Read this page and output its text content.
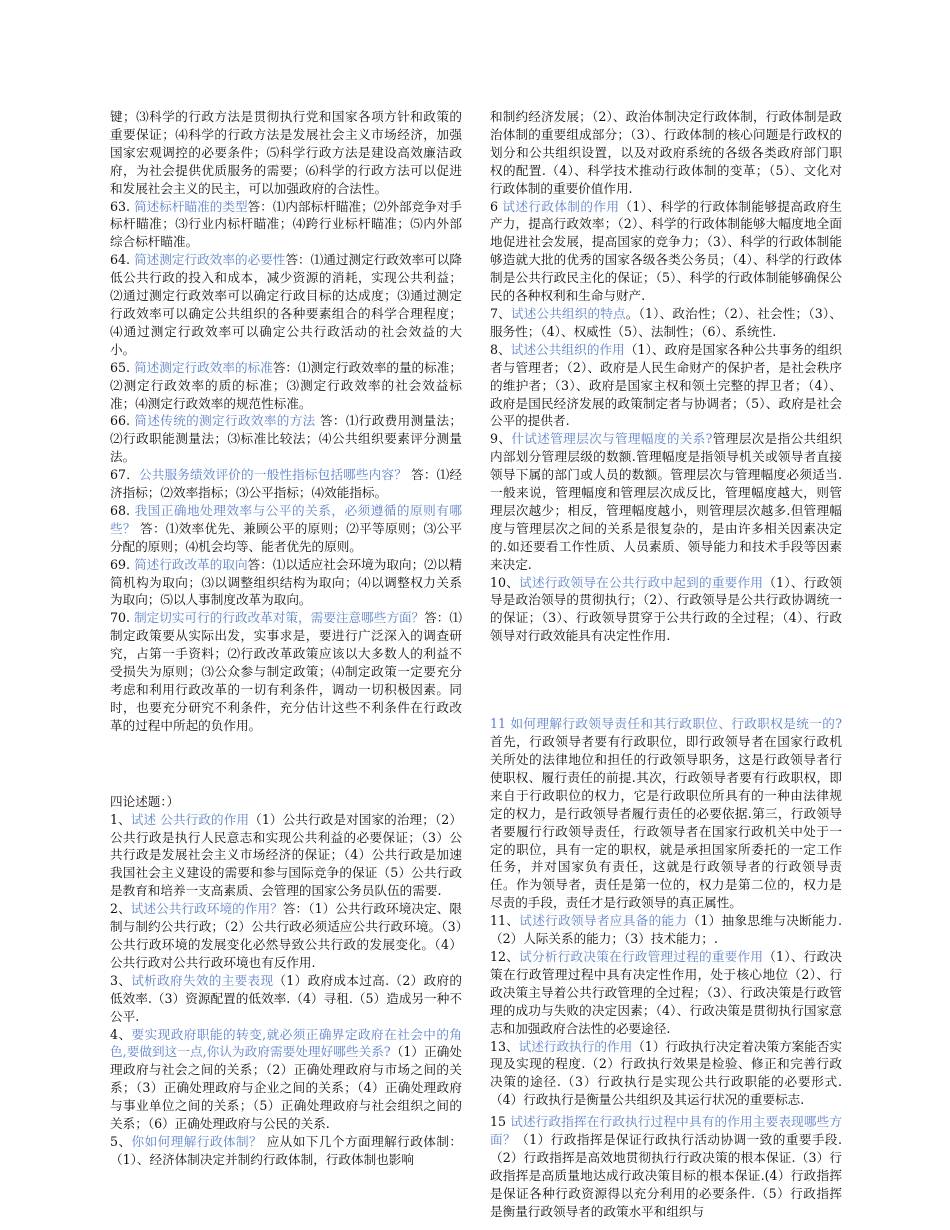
键；⑶科学的行政方法是贯彻执行党和国家各项方针和政策的重要保证；⑷科学的行政方法是发展社会主义市场经济，加强国家宏观调控的必要条件；⑸科学行政方法是建设高效廉洁政府，为社会提供优质服务的需要；⑹科学的行政方法可以促进和发展社会主义的民主，可以加强政府的合法性。

63. 简述标杆瞄准的类型答：⑴内部标杆瞄准；⑵外部竞争对手标杆瞄准；⑶行业内标杆瞄准；⑷跨行业标杆瞄准；⑸内外部综合标杆瞄准。

64. 简述测定行政效率的必要性答：⑴通过测定行政效率可以降低公共行政的投入和成本，减少资源的消耗，实现公共利益；⑵通过测定行政效率可以确定行政目标的达成度；⑶通过测定行政效率可以确定公共组织的各种要素组合的科学合理程度；⑷通过测定行政效率可以确定公共行政活动的社会效益的大小。

65. 简述测定行政效率的标准答：⑴测定行政效率的量的标准；⑵测定行政效率的质的标准；⑶测定行政效率的社会效益标准；⑷测定行政效率的规范性标准。

66. 简述传统的测定行政效率的方法 答：⑴行政费用测量法；⑵行政职能测量法；⑶标准比较法；⑷公共组织要素评分测量法。

67．公共服务绩效评价的一般性指标包括哪些内容？ 答：⑴经济指标；⑵效率指标；⑶公平指标；⑷效能指标。

68. 我国正确地处理效率与公平的关系，必须遵循的原则有哪些？ 答：⑴效率优先、兼顾公平的原则；⑵平等原则；⑶公平分配的原则；⑷机会均等、能者优先的原则。

69. 简述行政改革的取向答：⑴以适应社会环境为取向；⑵以精简机构为取向；⑶以调整组织结构为取向；⑷以调整权力关系为取向；⑸以人事制度改革为取向。

70. 制定切实可行的行政改革对策，需要注意哪些方面？答：⑴制定政策要从实际出发，实事求是，要进行广泛深入的调查研究，占第一手资料；⑵行政改革政策应该以大多数人的利益不受损失为原则；⑶公众参与制定政策；⑷制定政策一定要充分考虑和利用行政改革的一切有利条件，调动一切积极因素。同时，也要充分研究不利条件，充分估计这些不利条件在行政改革的过程中所起的负作用。

四论述题：）

1、试述 公共行政的作用（1）公共行政是对国家的治理；（2）公共行政是执行人民意志和实现公共利益的必要保证；（3）公共行政是发展社会主义市场经济的保证；（4）公共行政是加速我国社会主义建设的需要和参与国际竞争的保证（5）公共行政是教育和培养一支高素质、会管理的国家公务员队伍的需要.

2、试述公共行政环境的作用？答：（1）公共行政环境决定、限制与制约公共行政；（2）公共行政必须适应公共行政环境。（3）公共行政环境的发展变化必然导致公共行政的发展变化。（4）公共行政对公共行政环境也有反作用.

3、试析政府失效的主要表现（1）政府成本过高.（2）政府的低效率.（3）资源配置的低效率.（4）寻租.（5）造成另一种不公平.

4、要实现政府职能的转变,就必须正确界定政府在社会中的角色,要做到这一点,你认为政府需要处理好哪些关系?（1）正确处理政府与社会之间的关系；（2）正确处理政府与市场之间的关系；（3）正确处理政府与企业之间的关系；（4）正确处理政府与事业单位之间的关系；（5）正确处理政府与社会组织之间的关系；（6）正确处理政府与公民的关系.

5、你如何理解行政体制？ 应从如下几个方面理解行政体制：（1）、经济体制决定并制约行政体制，行政体制也影响

和制约经济发展；（2）、政治体制决定行政体制，行政体制是政治体制的重要组成部分；（3）、行政体制的核心问题是行政权的划分和公共组织设置，以及对政府系统的各级各类政府部门职权的配置.（4）、科学技术推动行政体制的变革；（5）、文化对行政体制的重要价值作用.

6 试述行政体制的作用（1）、科学的行政体制能够提高政府生产力，提高行政效率；（2）、科学的行政体制能够大幅度地全面地促进社会发展，提高国家的竞争力；（3）、科学的行政体制能够造就大批的优秀的国家各级各类公务员；（4）、科学的行政体制是公共行政民主化的保证；（5）、科学的行政体制能够确保公民的各种权利和生命与财产.

7、试述公共组织的特点。（1）、政治性；（2）、社会性；（3）、服务性；（4）、权威性（5）、法制性；（6）、系统性.

8、试述公共组织的作用（1）、政府是国家各种公共事务的组织者与管理者；（2）、政府是人民生命财产的保护者，是社会秩序的维护者；（3）、政府是国家主权和领土完整的捍卫者；（4）、政府是国民经济发展的政策制定者与协调者；（5）、政府是社会公平的提供者.

9、什试述管理层次与管理幅度的关系?管理层次是指公共组织内部划分管理层级的数额.管理幅度是指领导机关或领导者直接领导下属的部门或人员的数额。管理层次与管理幅度必须适当.一般来说，管理幅度和管理层次成反比，管理幅度越大，则管理层次越少；相反，管理幅度越小，则管理层次越多.但管理幅度与管理层次之间的关系是很复杂的，是由许多相关因素决定的.如还要看工作性质、人员素质、领导能力和技术手段等因素来决定.

10、试述行政领导在公共行政中起到的重要作用（1）、行政领导是政治领导的贯彻执行；（2）、行政领导是公共行政协调统一的保证；（3）、行政领导贯穿于公共行政的全过程；（4）、行政领导对行政效能具有决定性作用.

11 如何理解行政领导责任和其行政职位、行政职权是统一的? 首先，行政领导者要有行政职位，即行政领导者在国家行政机关所处的法律地位和担任的行政领导职务，这是行政领导者行使职权、履行责任的前提.其次，行政领导者要有行政职权，即来自于行政职位的权力，它是行政职位所具有的一种由法律规定的权力，是行政领导者履行责任的必要依据.第三，行政领导者要履行行政领导责任，行政领导者在国家行政机关中处于一定的职位，具有一定的职权，就是承担国家所委托的一定工作任务，并对国家负有责任，这就是行政领导者的行政领导责任。作为领导者，责任是第一位的，权力是第二位的，权力是尽责的手段，责任才是行政领导的真正属性。

11、试述行政领导者应具备的能力（1）抽象思维与决断能力.（2）人际关系的能力；（3）技术能力；.

12、试分析行政决策在行政管理过程的重要作用（1）、行政决策在行政管理过程中具有决定性作用，处于核心地位（2）、行政决策主导着公共行政管理的全过程；（3）、行政决策是行政管理的成功与失败的决定因素；（4）、行政决策是贯彻执行国家意志和加强政府合法性的必要途径.

13、试述行政执行的作用（1）行政执行决定着决策方案能否实现及实现的程度.（2）行政执行效果是检验、修正和完善行政决策的途径.（3）行政执行是实现公共行政职能的必要形式.（4）行政执行是衡量公共组织及其运行状况的重要标志.

15 试述行政指挥在行政执行过程中具有的作用主要表现哪些方面？（1）行政指挥是保证行政执行活动协调一致的重要手段.（2）行政指挥是高效地贯彻执行行政决策的根本保证.（3）行政指挥是高质量地达成行政决策目标的根本保证.(4）行政指挥是保证各种行政资源得以充分利用的必要条件.（5）行政指挥是衡量行政领导者的政策水平和组织与
